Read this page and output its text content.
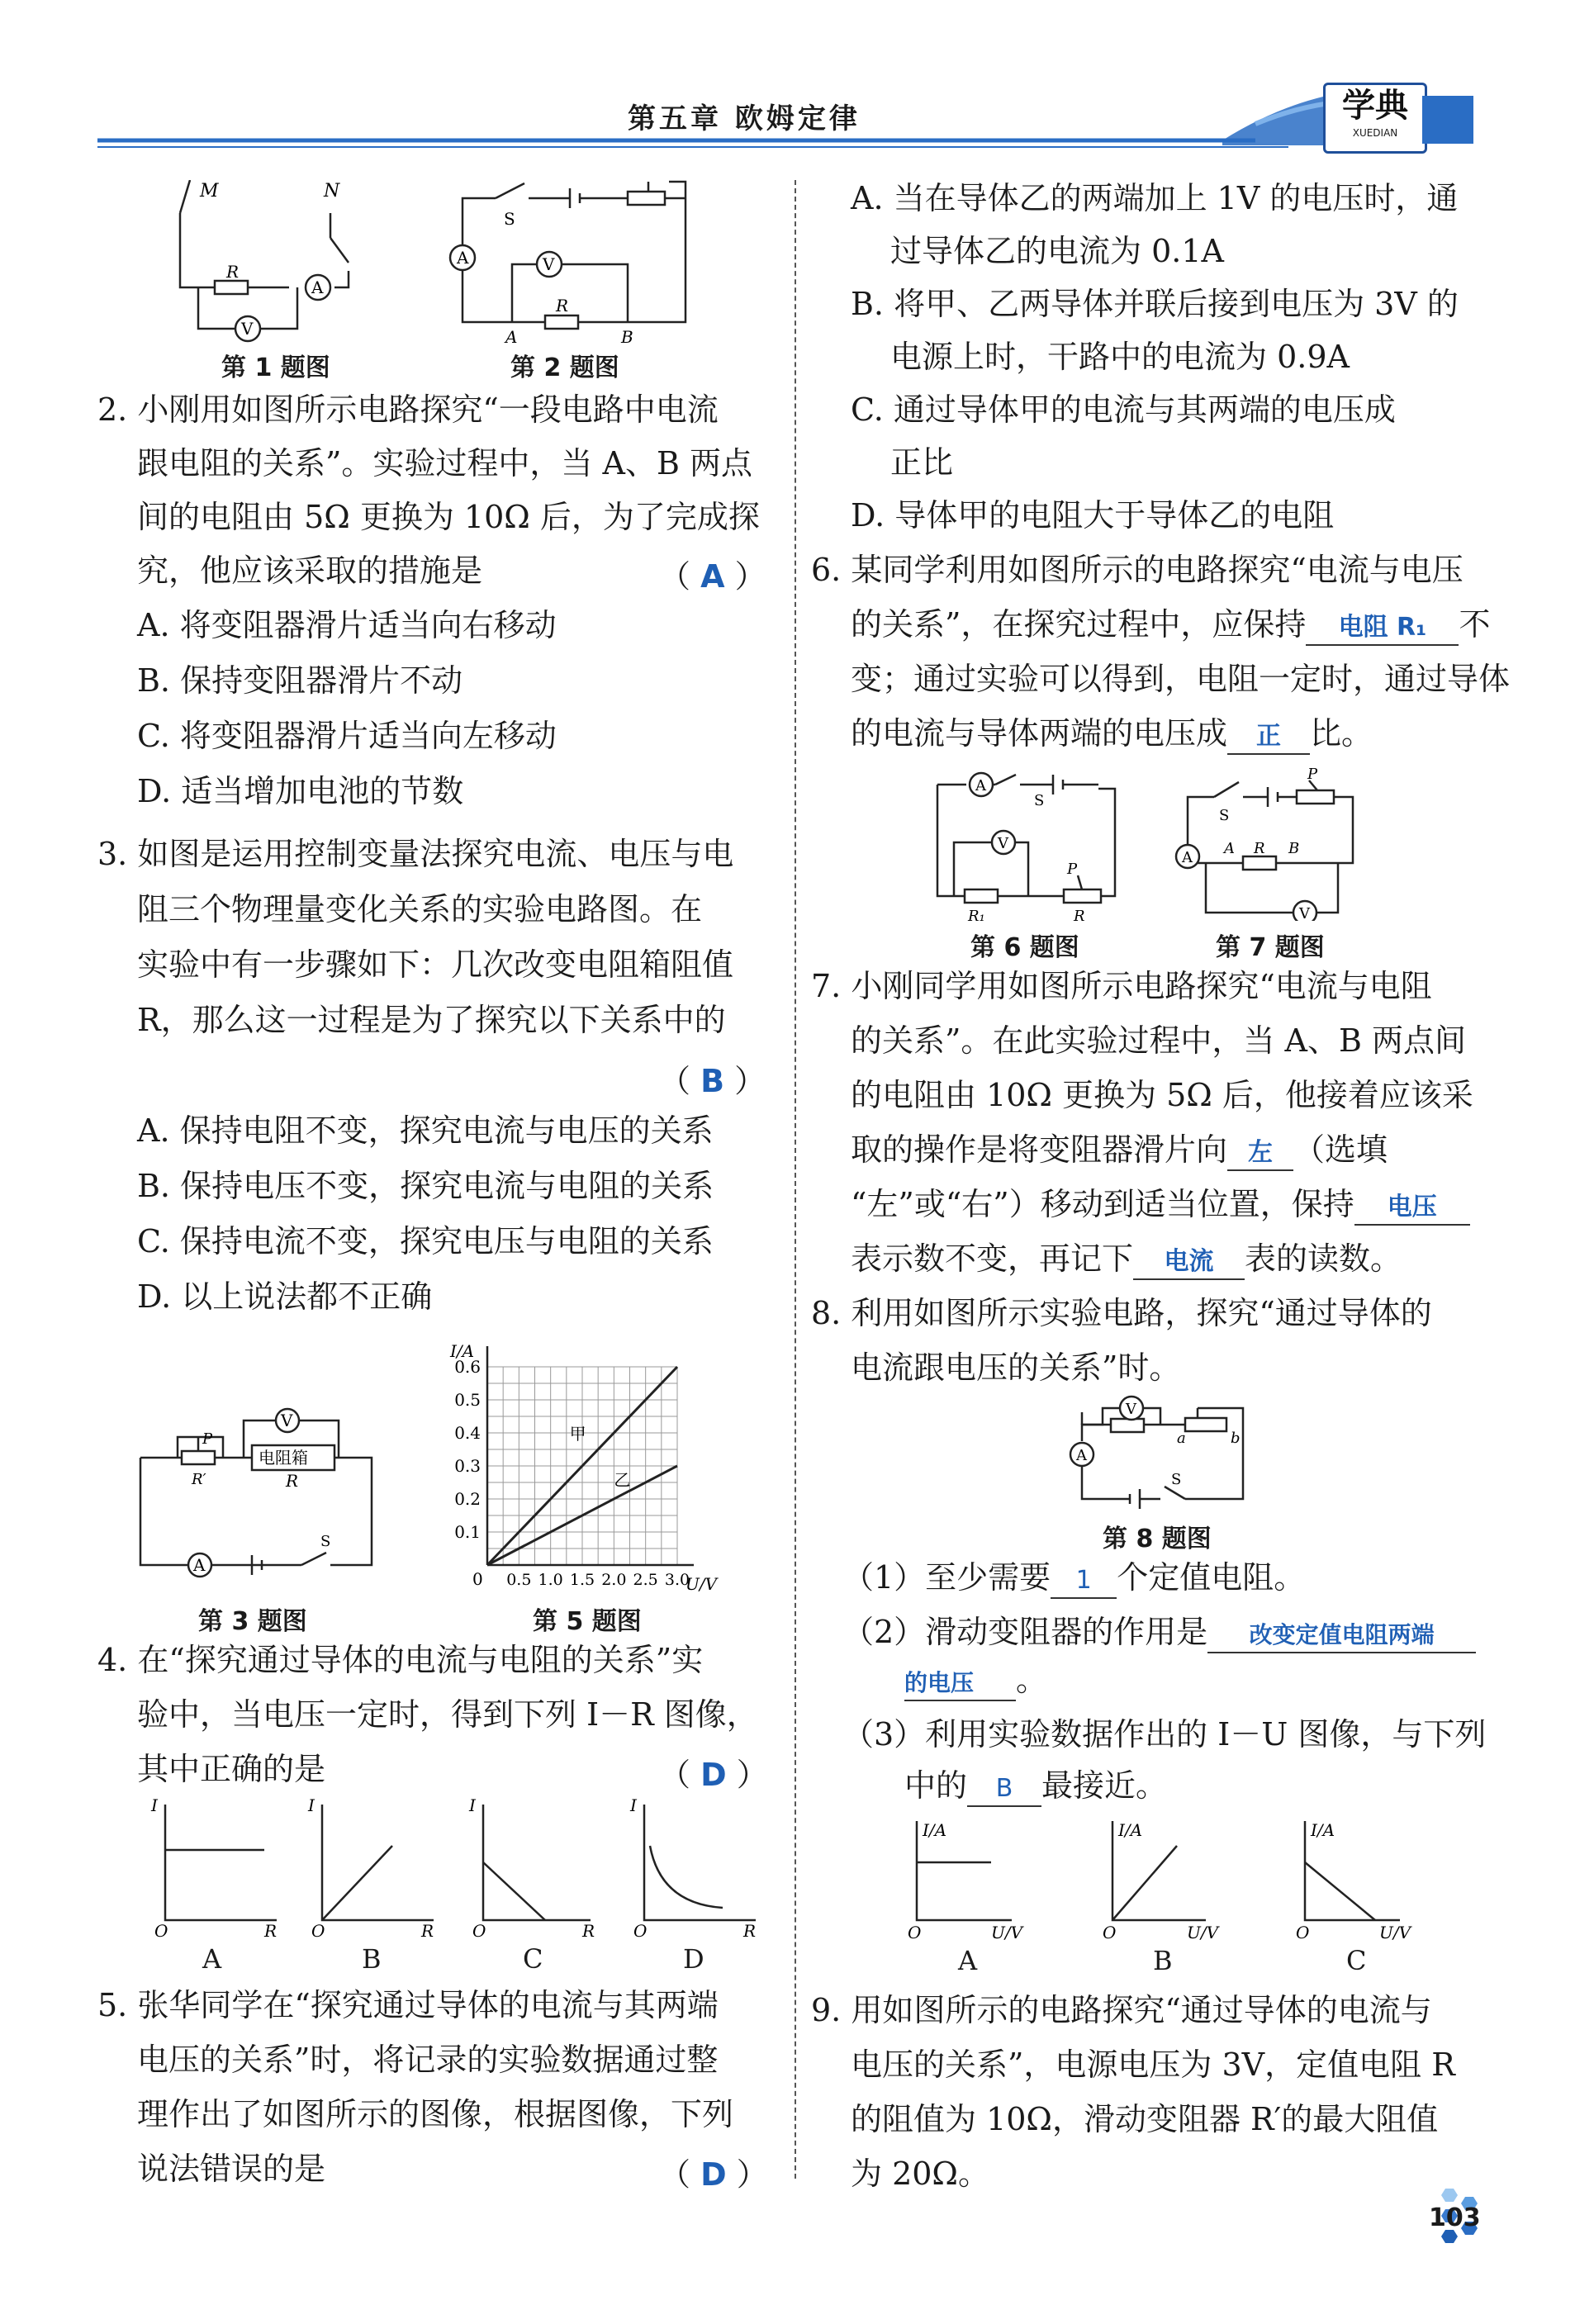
第五章 欧姆定律	学典
XUEDIAN
M	N
R
V
A
第 1 题图
S
A	V
R
A	B
第 2 题图
2. 小刚用如图所示电路探究“一段电路中电流
跟电阻的关系”。实验过程中，当 A、B 两点
间的电阻由 5Ω 更换为 10Ω 后，为了完成探
究，他应该采取的措施是	（ A ）
A. 将变阻器滑片适当向右移动
B. 保持变阻器滑片不动
C. 将变阻器滑片适当向左移动
D. 适当增加电池的节数
3. 如图是运用控制变量法探究电流、电压与电
阻三个物理量变化关系的实验电路图。在
实验中有一步骤如下：几次改变电阻箱阻值
R，那么这一过程是为了探究以下关系中的
（ B ）
A. 保持电阻不变，探究电流与电压的关系
B. 保持电压不变，探究电流与电阻的关系
C. 保持电流不变，探究电压与电阻的关系
D. 以上说法都不正确
V
A
电阻箱
R
P
R′
S
第 3 题图
0.1
0.2
0.3
0.4
0.5
0.6
0.5 1.0 1.5 2.0 2.5 3.0
0
I/A
U/V
甲
乙
第 5 题图
4. 在“探究通过导体的电流与电阻的关系”实
验中，当电压一定时，得到下列 I－R 图像，
其中正确的是	（ D ）
I	I	I	I
O	O	O	O
R	R	R	R
A	B	C	D
5. 张华同学在“探究通过导体的电流与其两端
电压的关系”时，将记录的实验数据通过整
理作出了如图所示的图像，根据图像，下列
说法错误的是	（ D ）
A. 当在导体乙的两端加上 1V 的电压时，通
过导体乙的电流为 0.1A
B. 将甲、乙两导体并联后接到电压为 3V 的
电源上时，干路中的电流为 0.9A
C. 通过导体甲的电流与其两端的电压成
正比
D. 导体甲的电阻大于导体乙的电阻
6. 某同学利用如图所示的电路探究“电流与电压
的关系”，在探究过程中，应保持 电阻 R₁ 不
变；通过实验可以得到，电阻一定时，通过导体
的电流与导体两端的电压成 正 比。
A
V
S
P
R₁	R
第 6 题图
S
P
A
V
A R B
第 7 题图
7. 小刚同学用如图所示电路探究“电流与电阻
的关系”。在此实验过程中，当 A、B 两点间
的电阻由 10Ω 更换为 5Ω 后，他接着应该采
取的操作是将变阻器滑片向 左 （选填
“左”或“右”）移动到适当位置，保持 电压
表示数不变，再记下 电流 表的读数。
8. 利用如图所示实验电路，探究“通过导体的
电流跟电压的关系”时。
V
A
S
a	b
第 8 题图
（1）至少需要 1 个定值电阻。
（2）滑动变阻器的作用是 改变定值电阻两端
的电压 。
（3）利用实验数据作出的 I－U 图像，与下列
中的 B 最接近。
I/A	I/A	I/A
O	O	O
U/V	U/V	U/V
A	B	C
9. 用如图所示的电路探究“通过导体的电流与
电压的关系”，电源电压为 3V，定值电阻 R
的阻值为 10Ω，滑动变阻器 R′的最大阻值
为 20Ω。
103
